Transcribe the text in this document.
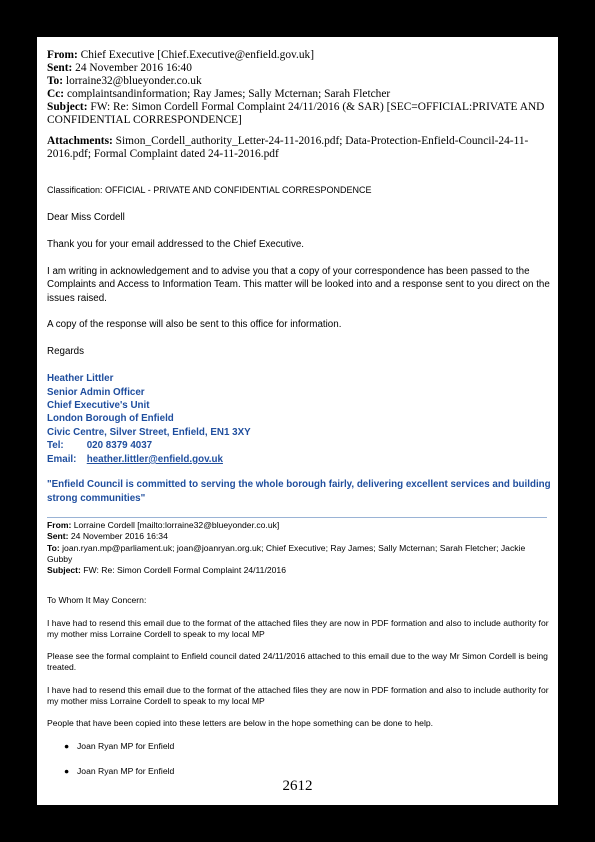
From: Chief Executive [Chief.Executive@enfield.gov.uk]
Sent: 24 November 2016 16:40
To: lorraine32@blueyonder.co.uk
Cc: complaintsandinformation; Ray James; Sally Mcternan; Sarah Fletcher
Subject: FW: Re: Simon Cordell Formal Complaint 24/11/2016 (& SAR) [SEC=OFFICIAL:PRIVATE AND CONFIDENTIAL CORRESPONDENCE]
Attachments: Simon_Cordell_authority_Letter-24-11-2016.pdf; Data-Protection-Enfield-Council-24-11-2016.pdf; Formal Complaint dated 24-11-2016.pdf

Classification: OFFICIAL - PRIVATE AND CONFIDENTIAL CORRESPONDENCE

Dear Miss Cordell

Thank you for your email addressed to the Chief Executive.

I am writing in acknowledgement and to advise you that a copy of your correspondence has been passed to the Complaints and Access to Information Team. This matter will be looked into and a response sent to you direct on the issues raised.

A copy of the response will also be sent to this office for information.

Regards

Heather Littler
Senior Admin Officer
Chief Executive's Unit
London Borough of Enfield
Civic Centre, Silver Street, Enfield, EN1 3XY
Tel: 020 8379 4037
Email: heather.littler@enfield.gov.uk
"Enfield Council is committed to serving the whole borough fairly, delivering excellent services and building strong communities"
From: Lorraine Cordell [mailto:lorraine32@blueyonder.co.uk]
Sent: 24 November 2016 16:34
To: joan.ryan.mp@parliament.uk; joan@joanryan.org.uk; Chief Executive; Ray James; Sally Mcternan; Sarah Fletcher; Jackie Gubby
Subject: FW: Re: Simon Cordell Formal Complaint 24/11/2016

To Whom It May Concern:

I have had to resend this email due to the format of the attached files they are now in PDF formation and also to include authority for my mother miss Lorraine Cordell to speak to my local MP

Please see the formal complaint to Enfield council dated 24/11/2016 attached to this email due to the way Mr Simon Cordell is being treated.

I have had to resend this email due to the format of the attached files they are now in PDF formation and also to include authority for my mother miss Lorraine Cordell to speak to my local MP

People that have been copied into these letters are below in the hope something can be done to help.

● Joan Ryan MP for Enfield
● Joan Ryan MP for Enfield
2612
